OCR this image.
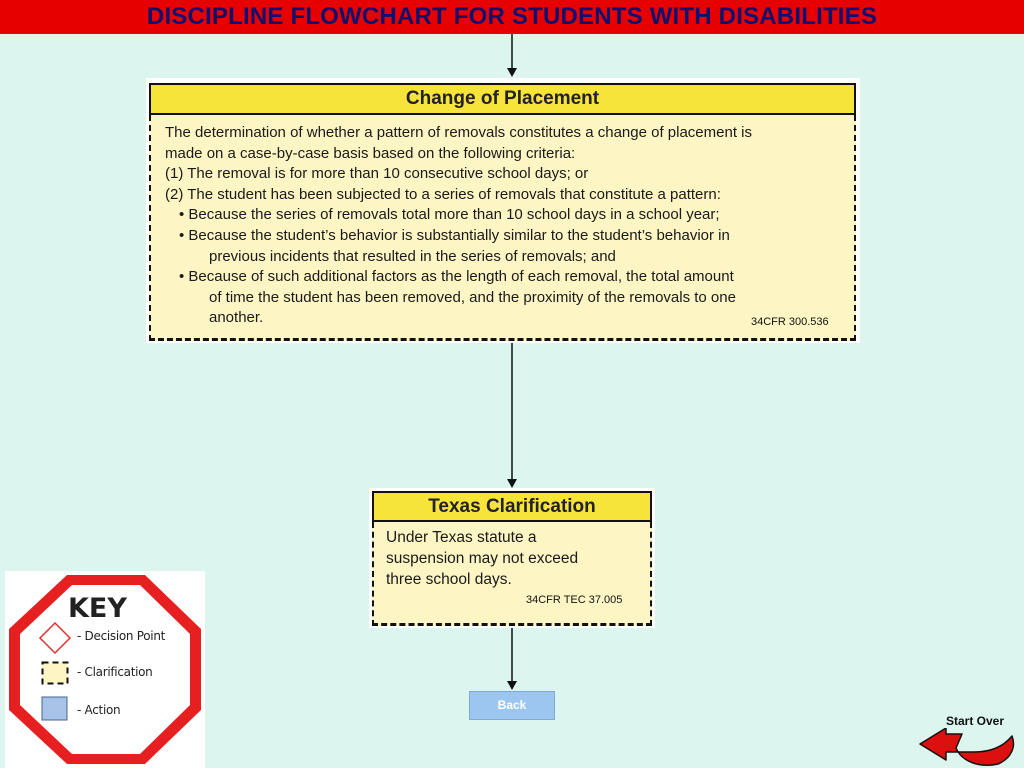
DISCIPLINE FLOWCHART FOR STUDENTS WITH DISABILITIES
Change of Placement
The determination of whether a pattern of removals constitutes a change of placement is
made on a case-by-case basis based on the following criteria:
(1) The removal is for more than 10 consecutive school days; or
(2) The student has been subjected to a series of removals that constitute a pattern:
• Because the series of removals total more than 10 school days in a school year;
• Because the student’s behavior is substantially similar to the student’s behavior in
previous incidents that resulted in the series of removals; and
• Because of such additional factors as the length of each removal, the total amount
of time the student has been removed, and the proximity of the removals to one
another.	34CFR 300.536
Texas Clarification
Under Texas statute a
suspension may not exceed
three school days.
34CFR TEC 37.005
Back
KEY
- Decision Point
- Clarification
- Action
Start Over
